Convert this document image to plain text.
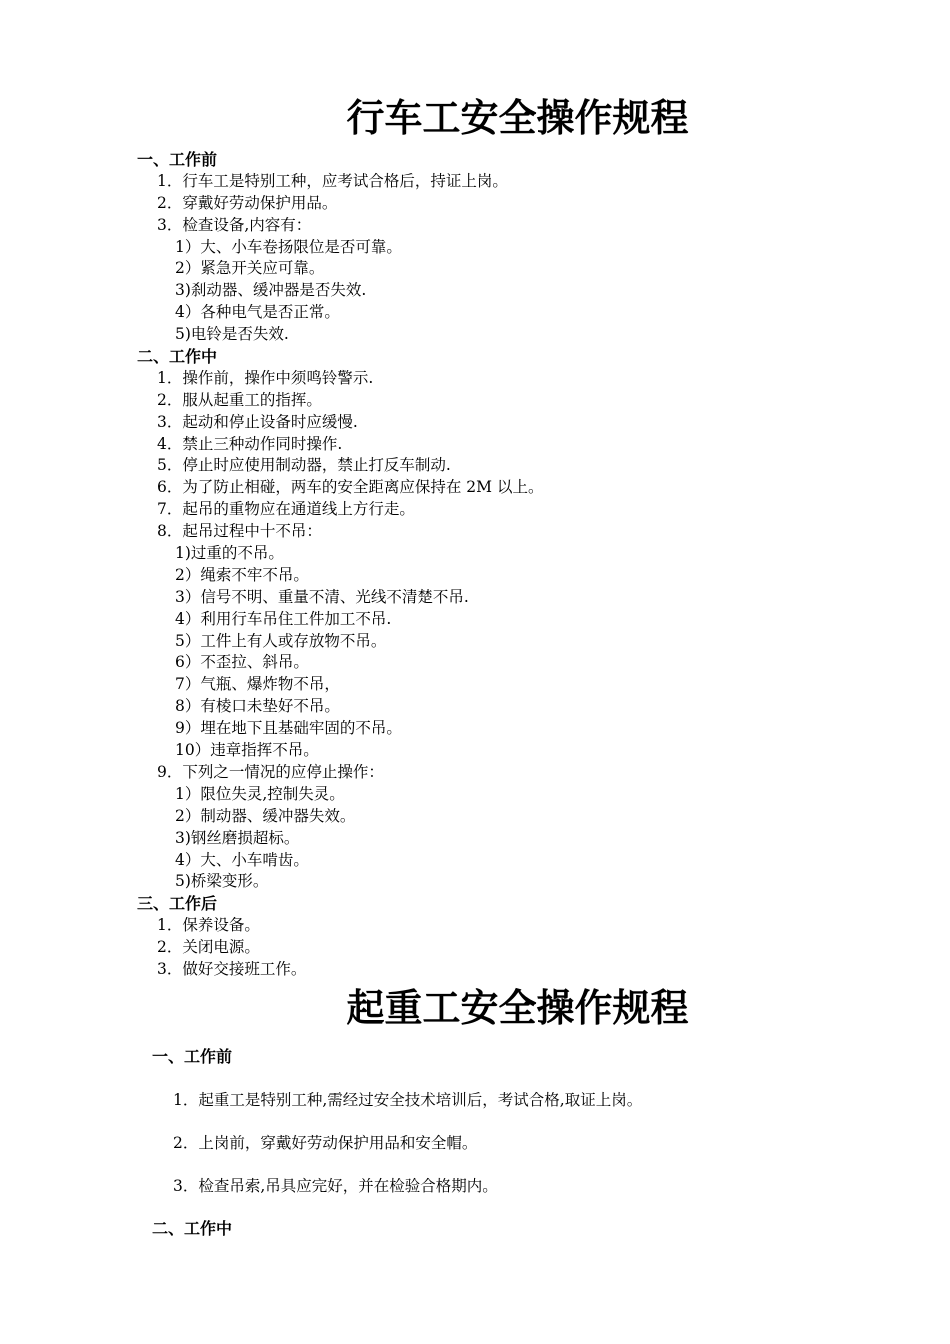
行车工安全操作规程
一、工作前
1．行车工是特别工种，应考试合格后，持证上岗。
2．穿戴好劳动保护用品。
3．检查设备,内容有：
1）大、小车卷扬限位是否可靠。
2）紧急开关应可靠。
3)刹动器、缓冲器是否失效.
4）各种电气是否正常。
5)电铃是否失效.
二、工作中
1．操作前，操作中须鸣铃警示.
2．服从起重工的指挥。
3．起动和停止设备时应缓慢.
4．禁止三种动作同时操作.
5．停止时应使用制动器，禁止打反车制动.
6．为了防止相碰，两车的安全距离应保持在 2M 以上。
7．起吊的重物应在通道线上方行走。
8．起吊过程中十不吊：
1)过重的不吊。
2）绳索不牢不吊。
3）信号不明、重量不清、光线不清楚不吊.
4）利用行车吊住工件加工不吊.
5）工件上有人或存放物不吊。
6）不歪拉、斜吊。
7）气瓶、爆炸物不吊，
8）有棱口未垫好不吊。
9）埋在地下且基础牢固的不吊。
10）违章指挥不吊。
9．下列之一情况的应停止操作：
1）限位失灵,控制失灵。
2）制动器、缓冲器失效。
3)钢丝磨损超标。
4）大、小车啃齿。
5)桥梁变形。
三、工作后
1．保养设备。
2．关闭电源。
3．做好交接班工作。
起重工安全操作规程
一、工作前
1．起重工是特别工种,需经过安全技术培训后，考试合格,取证上岗。
2．上岗前，穿戴好劳动保护用品和安全帽。
3．检查吊索,吊具应完好，并在检验合格期内。
二、工作中
